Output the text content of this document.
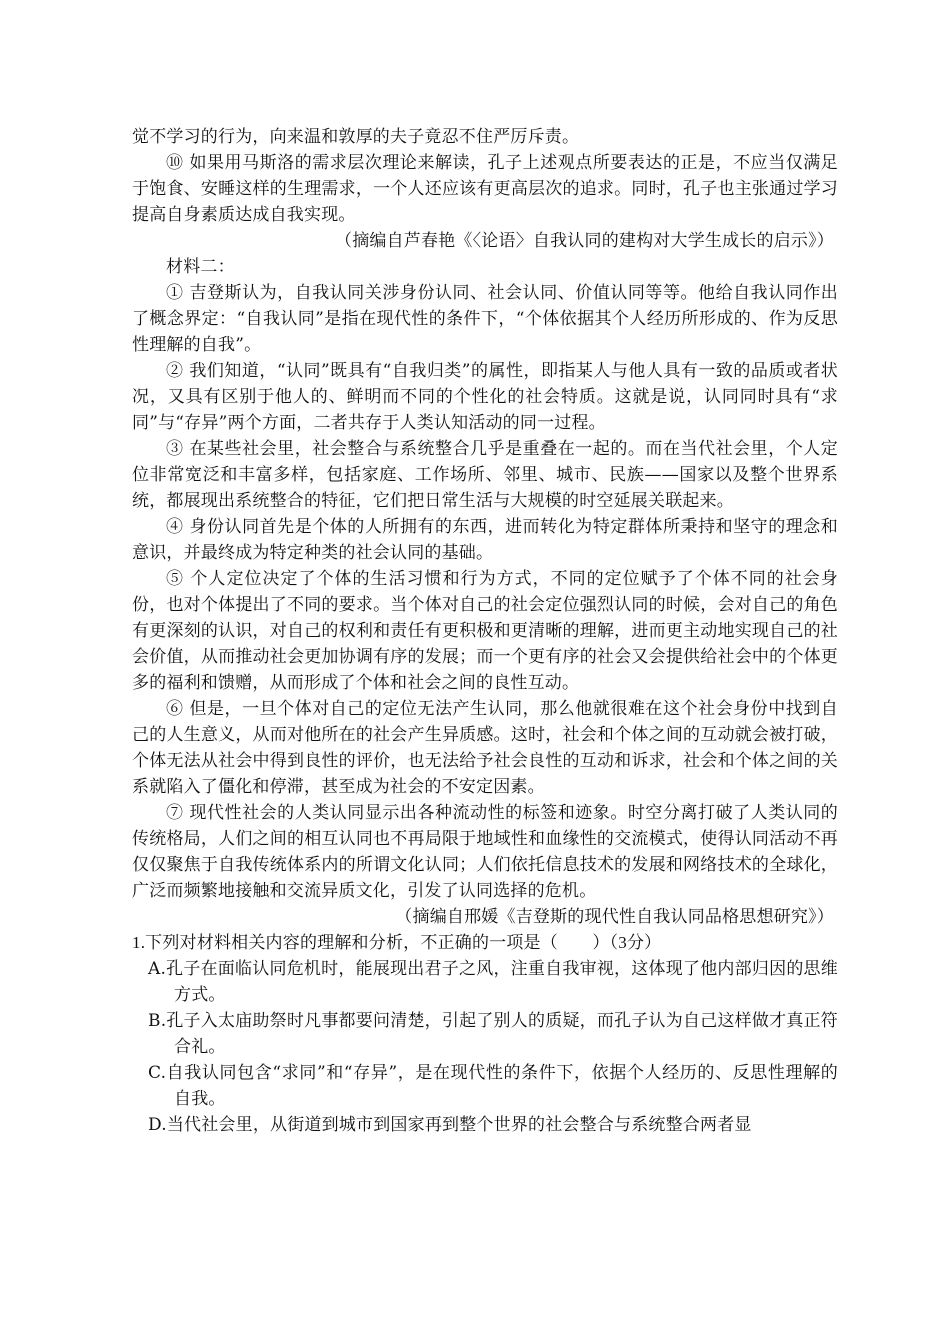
觉不学习的行为，向来温和敦厚的夫子竟忍不住严厉斥责。

⑩ 如果用马斯洛的需求层次理论来解读，孔子上述观点所要表达的正是，不应当仅满足于饱食、安睡这样的生理需求，一个人还应该有更高层次的追求。同时，孔子也主张通过学习提高自身素质达成自我实现。

（摘编自芦春艳《〈论语〉自我认同的建构对大学生成长的启示》）

材料二：

① 吉登斯认为，自我认同关涉身份认同、社会认同、价值认同等等。他给自我认同作出了概念界定：“自我认同”是指在现代性的条件下，“个体依据其个人经历所形成的、作为反思性理解的自我”。

② 我们知道，“认同”既具有“自我归类”的属性，即指某人与他人具有一致的品质或者状况，又具有区别于他人的、鲜明而不同的个性化的社会特质。这就是说，认同同时具有“求同”与“存异”两个方面，二者共存于人类认知活动的同一过程。

③ 在某些社会里，社会整合与系统整合几乎是重叠在一起的。而在当代社会里，个人定位非常宽泛和丰富多样，包括家庭、工作场所、邻里、城市、民族——国家以及整个世界系统，都展现出系统整合的特征，它们把日常生活与大规模的时空延展关联起来。

④ 身份认同首先是个体的人所拥有的东西，进而转化为特定群体所秉持和坚守的理念和意识，并最终成为特定种类的社会认同的基础。

⑤ 个人定位决定了个体的生活习惯和行为方式，不同的定位赋予了个体不同的社会身份，也对个体提出了不同的要求。当个体对自己的社会定位强烈认同的时候，会对自己的角色有更深刻的认识，对自己的权利和责任有更积极和更清晰的理解，进而更主动地实现自己的社会价值，从而推动社会更加协调有序的发展；而一个更有序的社会又会提供给社会中的个体更多的福利和馈赠，从而形成了个体和社会之间的良性互动。

⑥ 但是，一旦个体对自己的定位无法产生认同，那么他就很难在这个社会身份中找到自己的人生意义，从而对他所在的社会产生异质感。这时，社会和个体之间的互动就会被打破，个体无法从社会中得到良性的评价，也无法给予社会良性的互动和诉求，社会和个体之间的关系就陷入了僵化和停滞，甚至成为社会的不安定因素。

⑦ 现代性社会的人类认同显示出各种流动性的标签和迹象。时空分离打破了人类认同的传统格局，人们之间的相互认同也不再局限于地域性和血缘性的交流模式，使得认同活动不再仅仅聚焦于自我传统体系内的所谓文化认同；人们依托信息技术的发展和网络技术的全球化，广泛而频繁地接触和交流异质文化，引发了认同选择的危机。

（摘编自邢媛《吉登斯的现代性自我认同品格思想研究》）

1.下列对材料相关内容的理解和分析，不正确的一项是（　　）（3分）

A.孔子在面临认同危机时，能展现出君子之风，注重自我审视，这体现了他内部归因的思维方式。

B.孔子入太庙助祭时凡事都要问清楚，引起了别人的质疑，而孔子认为自己这样做才真正符合礼。

C.自我认同包含“求同”和“存异”，是在现代性的条件下，依据个人经历的、反思性理解的自我。

D.当代社会里，从街道到城市到国家再到整个世界的社会整合与系统整合两者显
